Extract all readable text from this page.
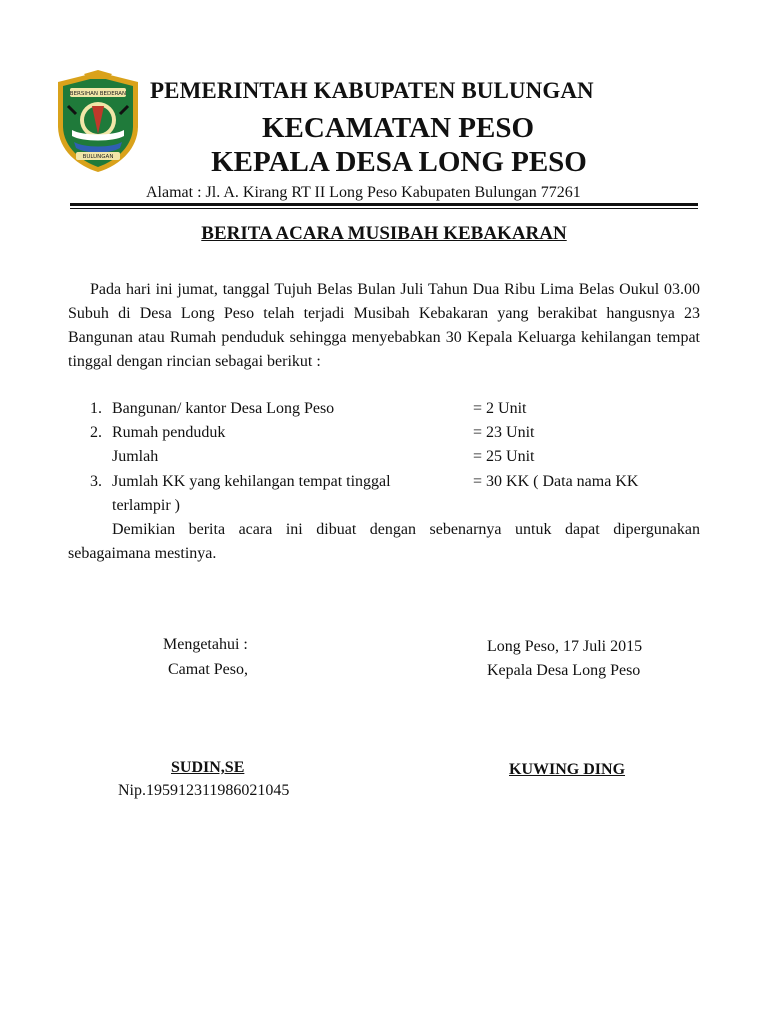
BERSIHAN BEDERAN
BULUNGAN
PEMERINTAH KABUPATEN BULUNGAN
KECAMATAN PESO
KEPALA DESA LONG PESO
Alamat : Jl. A. Kirang RT II Long Peso Kabupaten Bulungan 77261
BERITA ACARA MUSIBAH KEBAKARAN

Pada hari ini jumat, tanggal Tujuh Belas Bulan Juli Tahun Dua Ribu Lima Belas Oukul 03.00 Subuh di Desa Long Peso telah terjadi Musibah Kebakaran yang berakibat hangusnya 23 Bangunan atau Rumah penduduk sehingga menyebabkan 30 Kepala Keluarga kehilangan tempat tinggal dengan rincian sebagai berikut :

1. Bangunan/ kantor Desa Long Peso	= 2 Unit
2. Rumah penduduk	= 23 Unit
Jumlah	= 25 Unit
3. Jumlah KK yang kehilangan tempat tinggal	= 30 KK ( Data nama KK
terlampir )

Demikian berita acara ini dibuat dengan sebenarnya untuk dapat dipergunakan sebagaimana mestinya.

Mengetahui :
Camat Peso,
SUDIN,SE
Nip.195912311986021045
Long Peso, 17 Juli 2015
Kepala Desa Long Peso
KUWING DING
